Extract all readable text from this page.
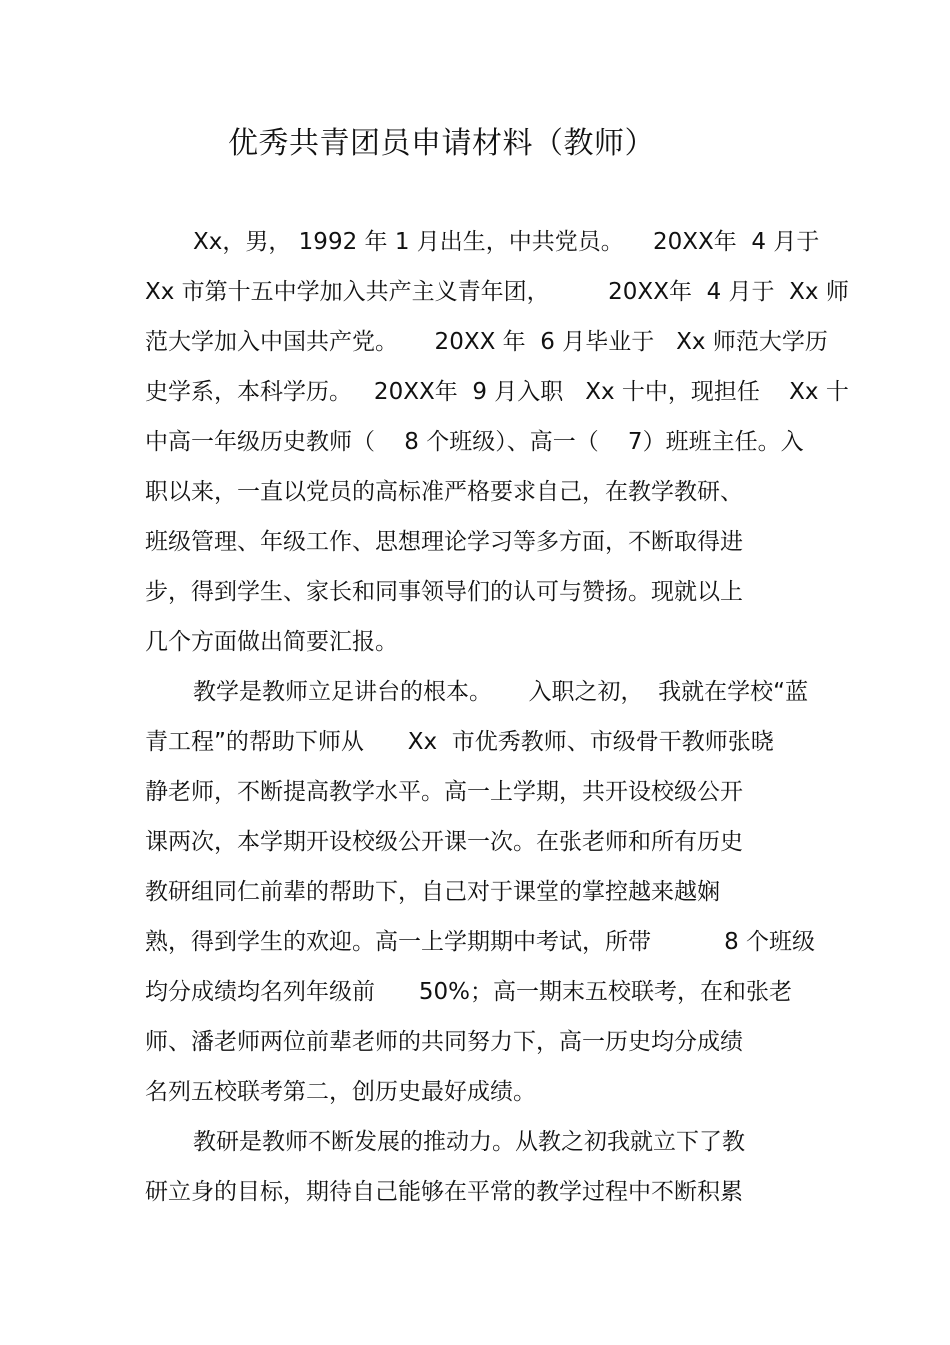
优秀共青团员申请材料（教师）
Xx，男， 1992 年 1 月出生，中共党员。    20XX年  4 月于
Xx 市第十五中学加入共产主义青年团，        20XX年  4 月于  Xx 师
范大学加入中国共产党。     20XX 年  6 月毕业于   Xx 师范大学历
史学系，本科学历。   20XX年  9 月入职   Xx 十中，现担任    Xx 十
中高一年级历史教师（    8 个班级）、高一（    7）班班主任。入
职以来，一直以党员的高标准严格要求自己，在教学教研、
班级管理、年级工作、思想理论学习等多方面，不断取得进
步，得到学生、家长和同事领导们的认可与赞扬。现就以上
几个方面做出简要汇报。
教学是教师立足讲台的根本。     入职之初，  我就在学校“蓝
青工程”的帮助下师从      Xx  市优秀教师、市级骨干教师张晓
静老师，不断提高教学水平。高一上学期，共开设校级公开
课两次，本学期开设校级公开课一次。在张老师和所有历史
教研组同仁前辈的帮助下，自己对于课堂的掌控越来越娴
熟，得到学生的欢迎。高一上学期期中考试，所带          8 个班级
均分成绩均名列年级前      50%；高一期末五校联考，在和张老
师、潘老师两位前辈老师的共同努力下，高一历史均分成绩
名列五校联考第二，创历史最好成绩。
教研是教师不断发展的推动力。从教之初我就立下了教
研立身的目标，期待自己能够在平常的教学过程中不断积累
